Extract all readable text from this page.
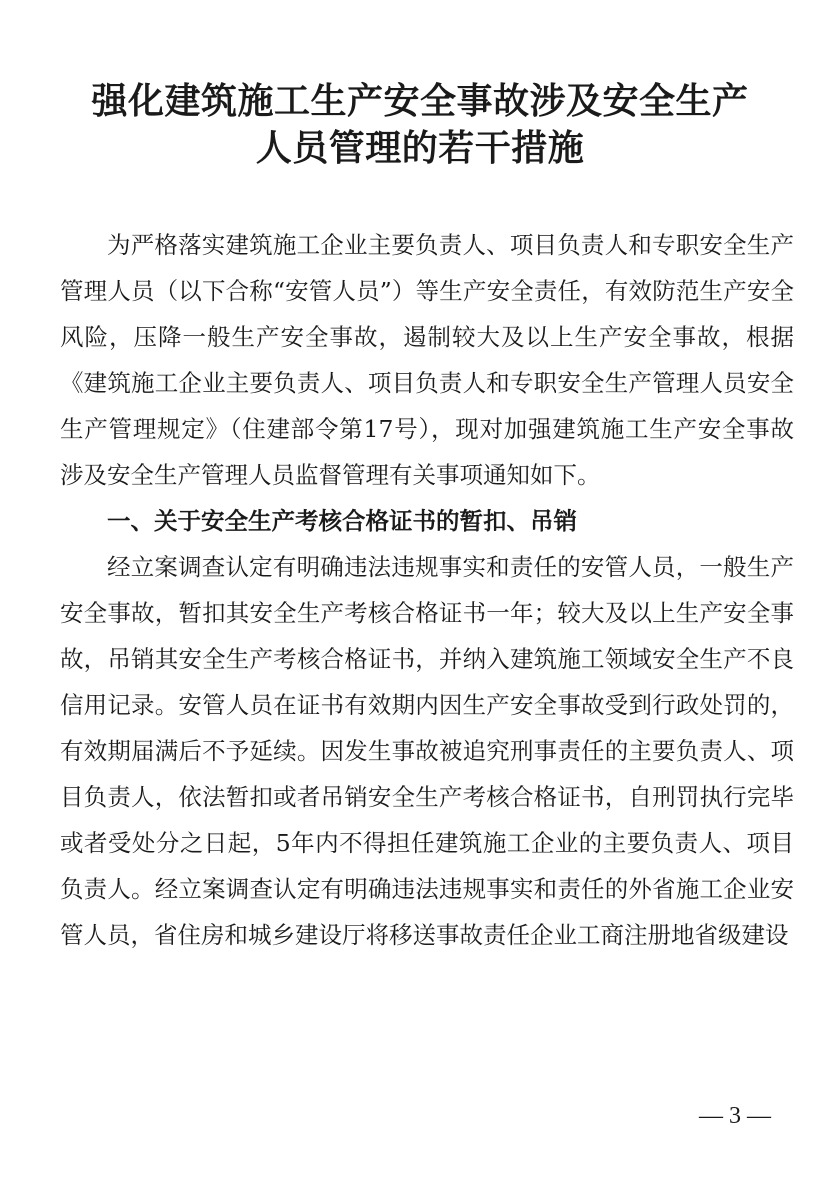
强化建筑施工生产安全事故涉及安全生产
人员管理的若干措施

为严格落实建筑施工企业主要负责人、项目负责人和专职安全生产管理人员（以下合称“安管人员”）等生产安全责任，有效防范生产安全风险，压降一般生产安全事故，遏制较大及以上生产安全事故，根据《建筑施工企业主要负责人、项目负责人和专职安全生产管理人员安全生产管理规定》（住建部令第17号），现对加强建筑施工生产安全事故涉及安全生产管理人员监督管理有关事项通知如下。

一、关于安全生产考核合格证书的暂扣、吊销

经立案调查认定有明确违法违规事实和责任的安管人员，一般生产安全事故，暂扣其安全生产考核合格证书一年；较大及以上生产安全事故，吊销其安全生产考核合格证书，并纳入建筑施工领域安全生产不良信用记录。安管人员在证书有效期内因生产安全事故受到行政处罚的，有效期届满后不予延续。因发生事故被追究刑事责任的主要负责人、项目负责人，依法暂扣或者吊销安全生产考核合格证书，自刑罚执行完毕或者受处分之日起，5年内不得担任建筑施工企业的主要负责人、项目负责人。经立案调查认定有明确违法违规事实和责任的外省施工企业安管人员，省住房和城乡建设厅将移送事故责任企业工商注册地省级建设

— 3 —
